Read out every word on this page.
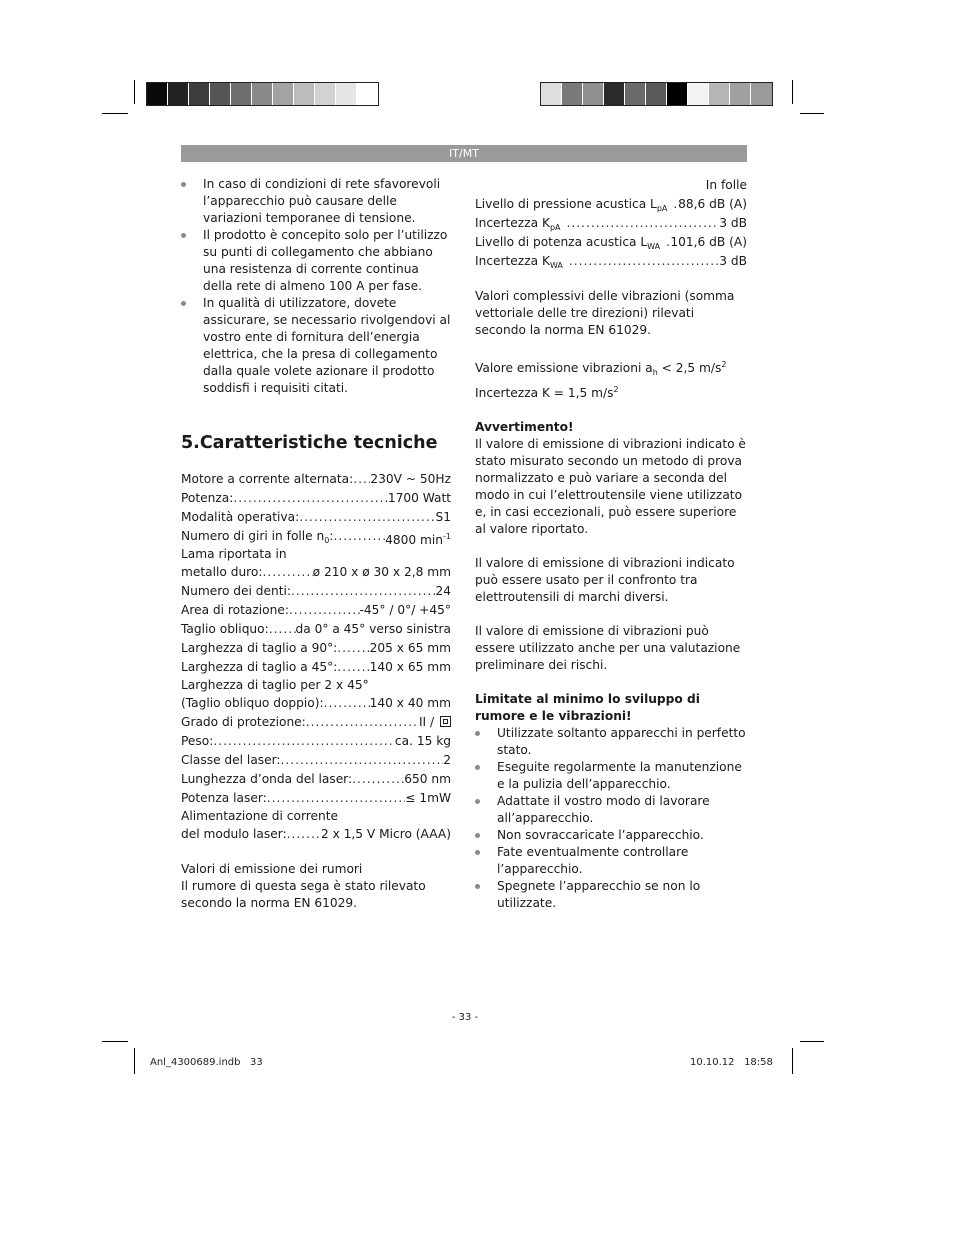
IT/MT
In caso di condizioni di rete sfavorevoli l’apparecchio può causare delle variazioni temporanee di tensione.
Il prodotto è concepito solo per l’utilizzo su punti di collegamento che abbiano una resistenza di corrente continua della rete di almeno 100 A per fase.
In qualità di utilizzatore, dovete assicurare, se necessario rivolgendovi al vostro ente di fornitura dell’energia elettrica, che la presa di collegamento dalla quale volete azionare il prodotto soddisfi i requisiti citati.
5.Caratteristiche tecniche
Motore a corrente alternata: ..... 230V ~ 50Hz
Potenza: .....	1700 Watt
Modalità operativa: .....	S1
Numero di giri in folle $n_0$: .....	4800 $\min^{-1}$
Lama riportata in
metallo duro: .....	ø 210 x ø 30 x 2,8 mm
Numero dei denti: .....	24
Area di rotazione: .....	-45° / 0°/ +45°
Taglio obliquo: ..... da 0° a 45° verso sinistra
Larghezza di taglio a 90°: .....	205 x 65 mm
Larghezza di taglio a 45°: .....	140 x 65 mm
Larghezza di taglio per 2 x 45°
(Taglio obliquo doppio): .....	140 x 40 mm
Grado di protezione: .....	II /
Peso: .....	ca. 15 kg
Classe del laser: .....	2
Lunghezza d’onda del laser: .....	650 nm
Potenza laser: .....	≤ 1mW
Alimentazione di corrente
del modulo laser: .....	2 x 1,5 V Micro (AAA)

Valori di emissione dei rumori

Il rumore di questa sega è stato rilevato secondo la norma EN 61029.

In folle
Livello di pressione acustica $L_{pA}$ ..... 88,6 dB (A)
Incertezza $K_{pA}$ .....	3 dB
Livello di potenza acustica $L_{WA}$ ..... 101,6 dB (A)
Incertezza $K_{WA}$ .....	3 dB

Valori complessivi delle vibrazioni (somma vettoriale delle tre direzioni) rilevati secondo la norma EN 61029.

Valore emissione vibrazioni $a_h < 2,5$ $m/s^2$

Incertezza K = 1,5 $m/s^2$

Avvertimento!

Il valore di emissione di vibrazioni indicato è stato misurato secondo un metodo di prova normalizzato e può variare a seconda del modo in cui l’elettroutensile viene utilizzato e, in casi eccezionali, può essere superiore al valore riportato.

Il valore di emissione di vibrazioni indicato può essere usato per il confronto tra elettroutensili di marchi diversi.

Il valore di emissione di vibrazioni può essere utilizzato anche per una valutazione preliminare dei rischi.

Limitate al minimo lo sviluppo di rumore e le vibrazioni!

Utilizzate soltanto apparecchi in perfetto stato.
Eseguite regolarmente la manutenzione e la pulizia dell’apparecchio.
Adattate il vostro modo di lavorare all’apparecchio.
Non sovraccaricate l’apparecchio.
Fate eventualmente controllare l’apparecchio.
Spegnete l’apparecchio se non lo utilizzate.
- 33 -
Anl_4300689.indb   33	10.10.12   18:58
